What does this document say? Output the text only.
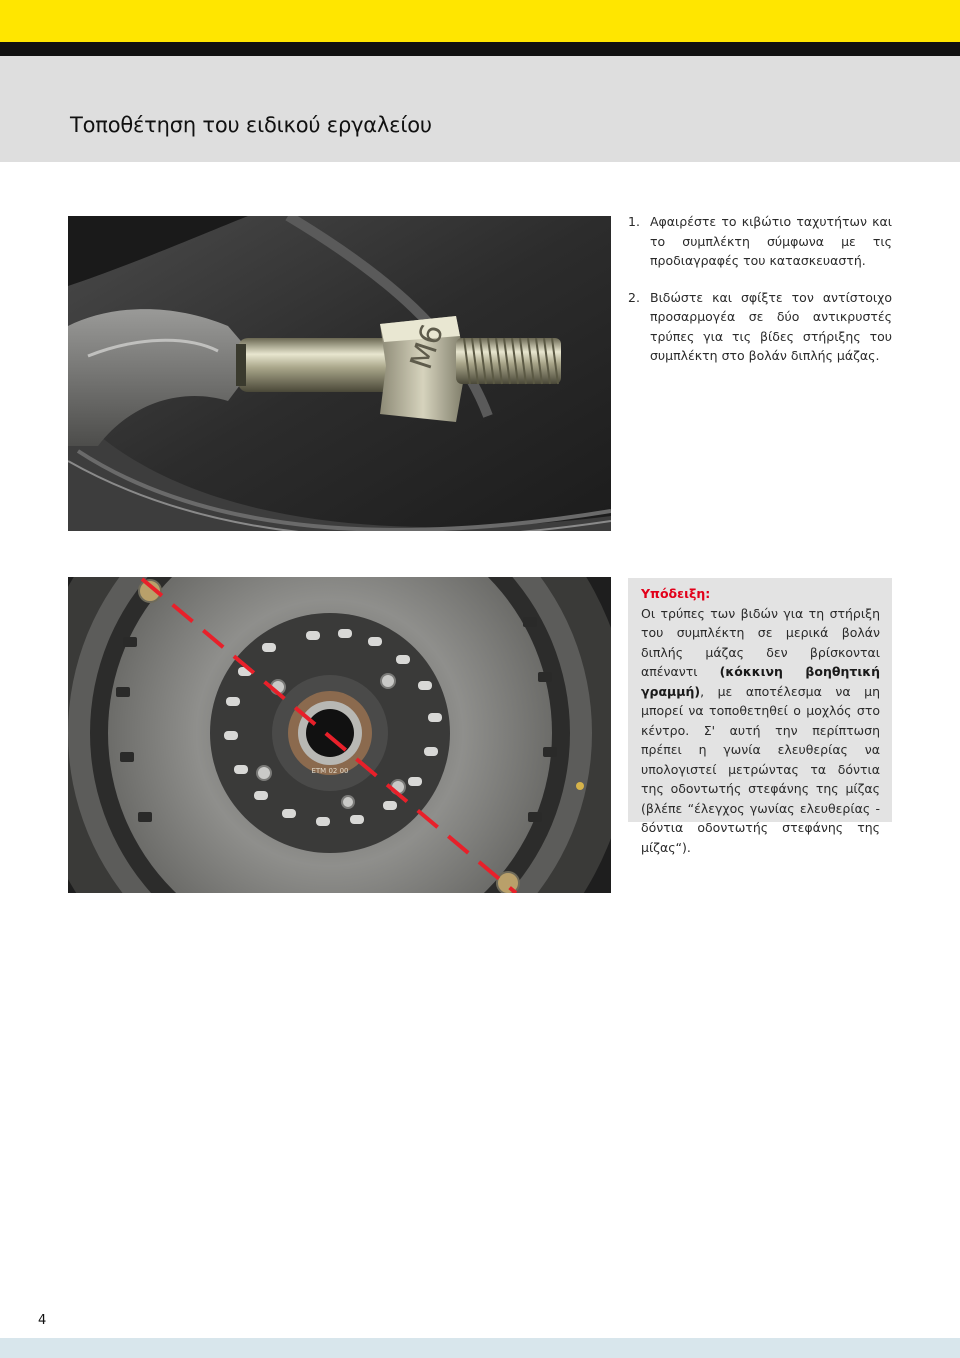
Τοποθέτηση του ειδικού εργαλείου
M6
1. Αφαιρέστε το κιβώτιο ταχυτήτων και το συμπλέκτη σύμφωνα με τις προδιαγραφές του κατασκευαστή.
2. Βιδώστε και σφίξτε τον αντίστοιχο προσαρμογέα σε δύο αντικρυστές τρύπες για τις βίδες στήριξης του συμπλέκτη στο βολάν διπλής μάζας.
ETM 02 00

Υπόδειξη:

Οι τρύπες των βιδών για τη στήριξη του συμπλέκτη σε μερικά βολάν διπλής μάζας δεν βρίσκονται απέναντι (κόκκινη βοηθητική γραμμή), με αποτέλεσμα να μη μπορεί να τοποθετηθεί ο μοχλός στο κέντρο. Σ' αυτή την περίπτωση πρέπει η γωνία ελευθερίας να υπολογιστεί μετρώντας τα δόντια της οδοντωτής στεφάνης της μίζας (βλέπε “έλεγχος γωνίας ελευθερίας - δόντια οδοντωτής στεφάνης της μίζας“).

4
